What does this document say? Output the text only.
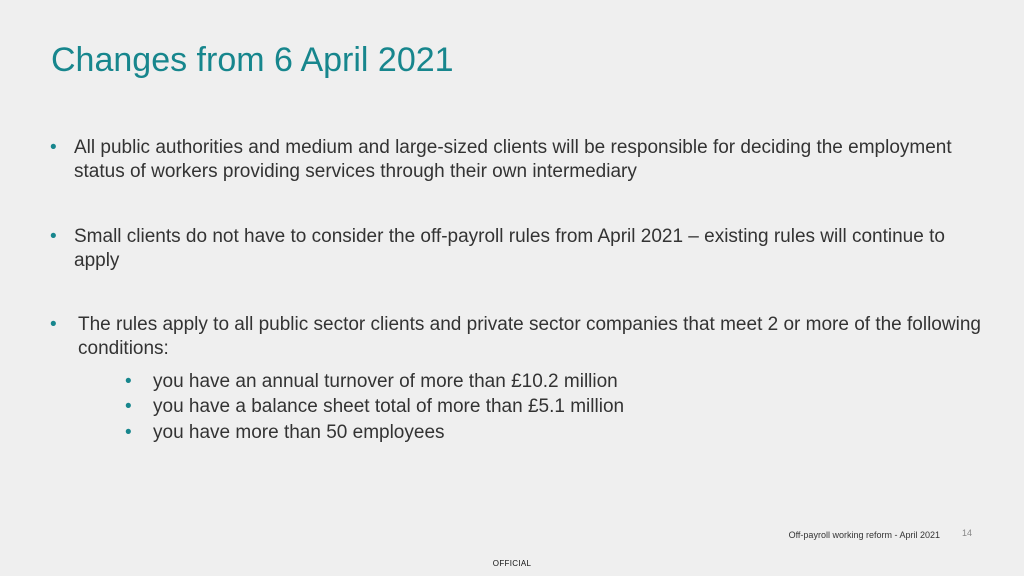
Changes from 6 April 2021
• All public authorities and medium and large-sized clients will be responsible for deciding the employment status of workers providing services through their own intermediary
• Small clients do not have to consider the off-payroll rules from April 2021 – existing rules will continue to apply
• The rules apply to all public sector clients and private sector companies that meet 2 or more of the following conditions:
• you have an annual turnover of more than £10.2 million
• you have a balance sheet total of more than £5.1 million
• you have more than 50 employees
Off-payroll working reform - April 2021	14
OFFICIAL
